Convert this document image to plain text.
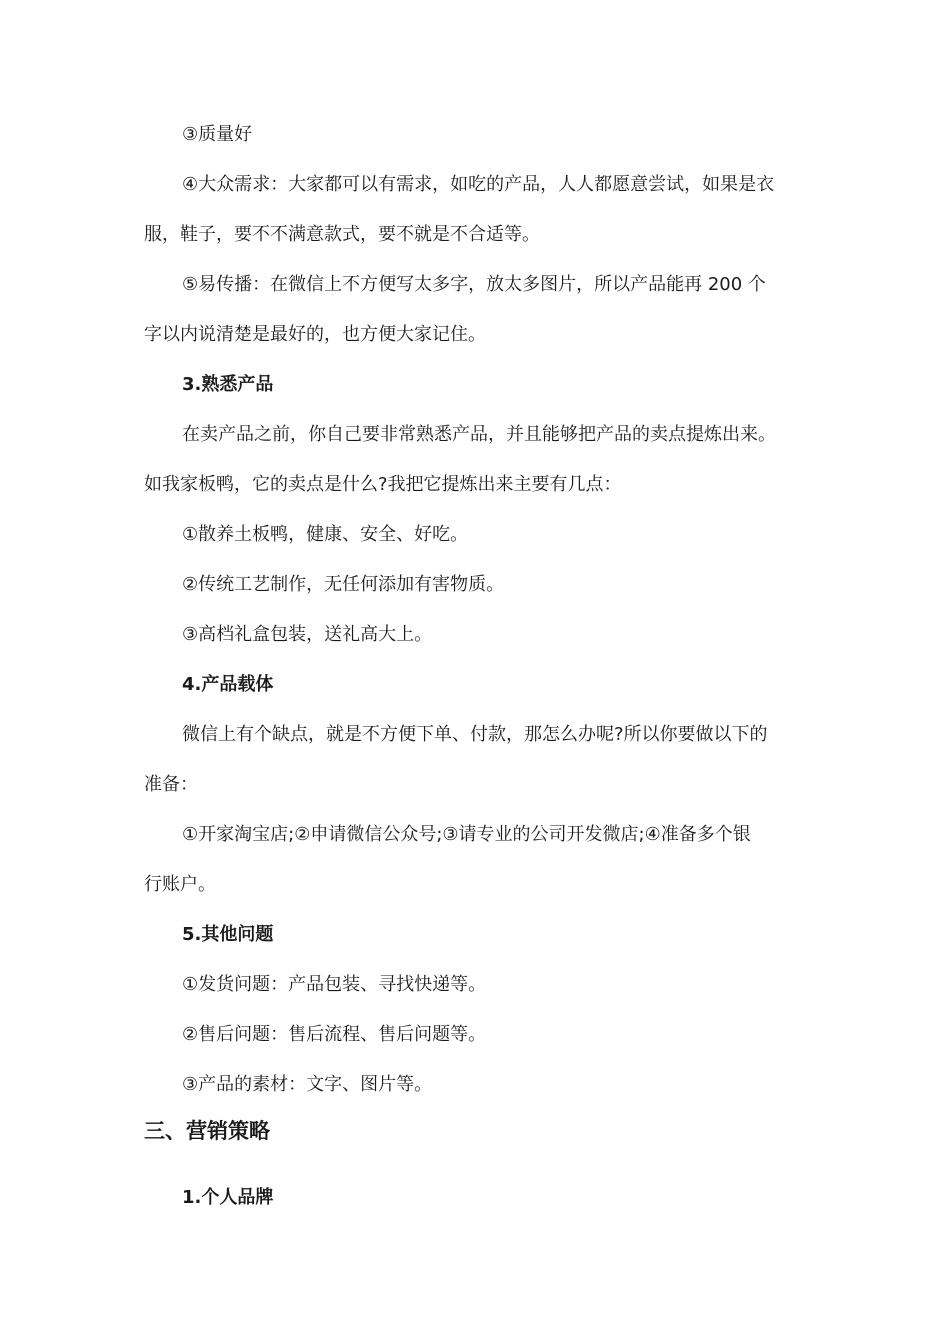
③质量好
④大众需求：大家都可以有需求，如吃的产品，人人都愿意尝试，如果是衣
服，鞋子，要不不满意款式，要不就是不合适等。
⑤易传播：在微信上不方便写太多字，放太多图片，所以产品能再 200 个
字以内说清楚是最好的，也方便大家记住。
3.熟悉产品
在卖产品之前，你自己要非常熟悉产品，并且能够把产品的卖点提炼出来。
如我家板鸭，它的卖点是什么?我把它提炼出来主要有几点：
①散养土板鸭，健康、安全、好吃。
②传统工艺制作，无任何添加有害物质。
③高档礼盒包装，送礼高大上。
4.产品载体
微信上有个缺点，就是不方便下单、付款，那怎么办呢?所以你要做以下的
准备：
①开家淘宝店;②申请微信公众号;③请专业的公司开发微店;④准备多个银
行账户。
5.其他问题
①发货问题：产品包装、寻找快递等。
②售后问题：售后流程、售后问题等。
③产品的素材：文字、图片等。
三、营销策略
1.个人品牌
